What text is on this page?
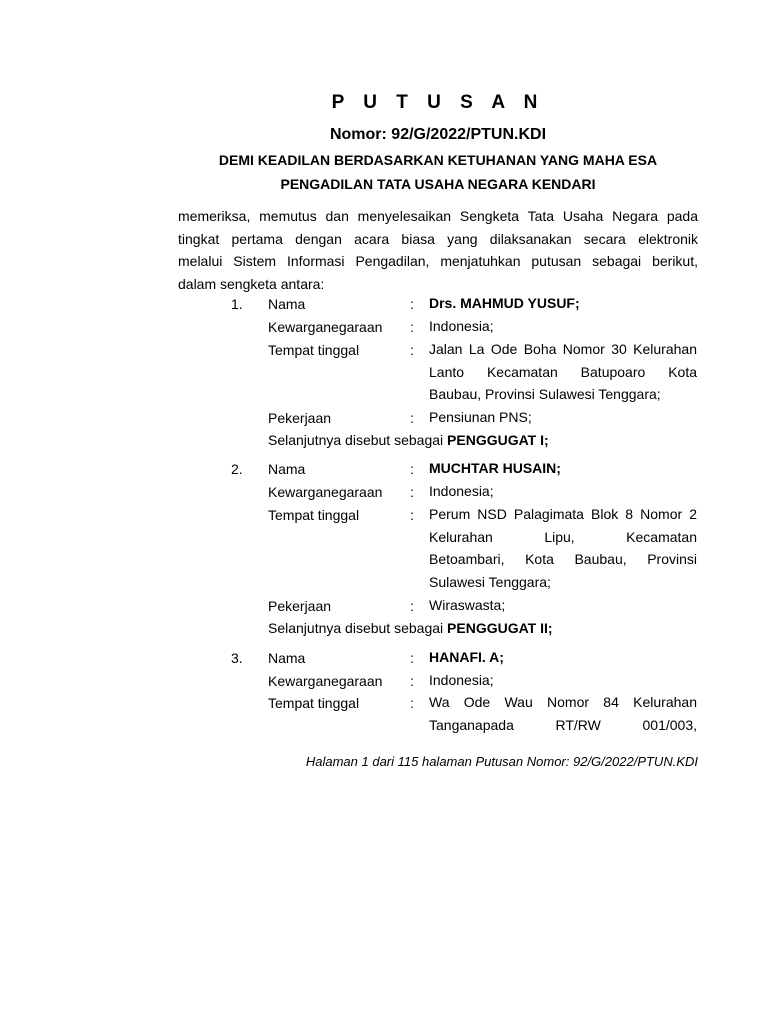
P U T U S A N
Nomor: 92/G/2022/PTUN.KDI
DEMI KEADILAN BERDASARKAN KETUHANAN YANG MAHA ESA
PENGADILAN TATA USAHA NEGARA KENDARI
memeriksa, memutus dan menyelesaikan Sengketa Tata Usaha Negara pada
tingkat pertama dengan acara biasa yang dilaksanakan secara elektronik
melalui Sistem Informasi Pengadilan, menjatuhkan putusan sebagai berikut,
dalam sengketa antara:
1. Nama	: Drs. MAHMUD YUSUF;
Kewarganegaraan : Indonesia;
Tempat tinggal	: Jalan La Ode Boha Nomor 30 Kelurahan
Lanto Kecamatan Batupoaro Kota
Baubau, Provinsi Sulawesi Tenggara;
Pekerjaan	: Pensiunan PNS;
Selanjutnya disebut sebagai PENGGUGAT I;
2. Nama	: MUCHTAR HUSAIN;
Kewarganegaraan : Indonesia;
Tempat tinggal	: Perum NSD Palagimata Blok 8 Nomor 2
Kelurahan Lipu, Kecamatan
Betoambari, Kota Baubau, Provinsi
Sulawesi Tenggara;
Pekerjaan	: Wiraswasta;
Selanjutnya disebut sebagai PENGGUGAT II;
3. Nama	: HANAFI. A;
Kewarganegaraan : Indonesia;
Tempat tinggal	: Wa Ode Wau Nomor 84 Kelurahan
Tanganapada RT/RW 001/003,
Halaman 1 dari 115 halaman Putusan Nomor: 92/G/2022/PTUN.KDI
